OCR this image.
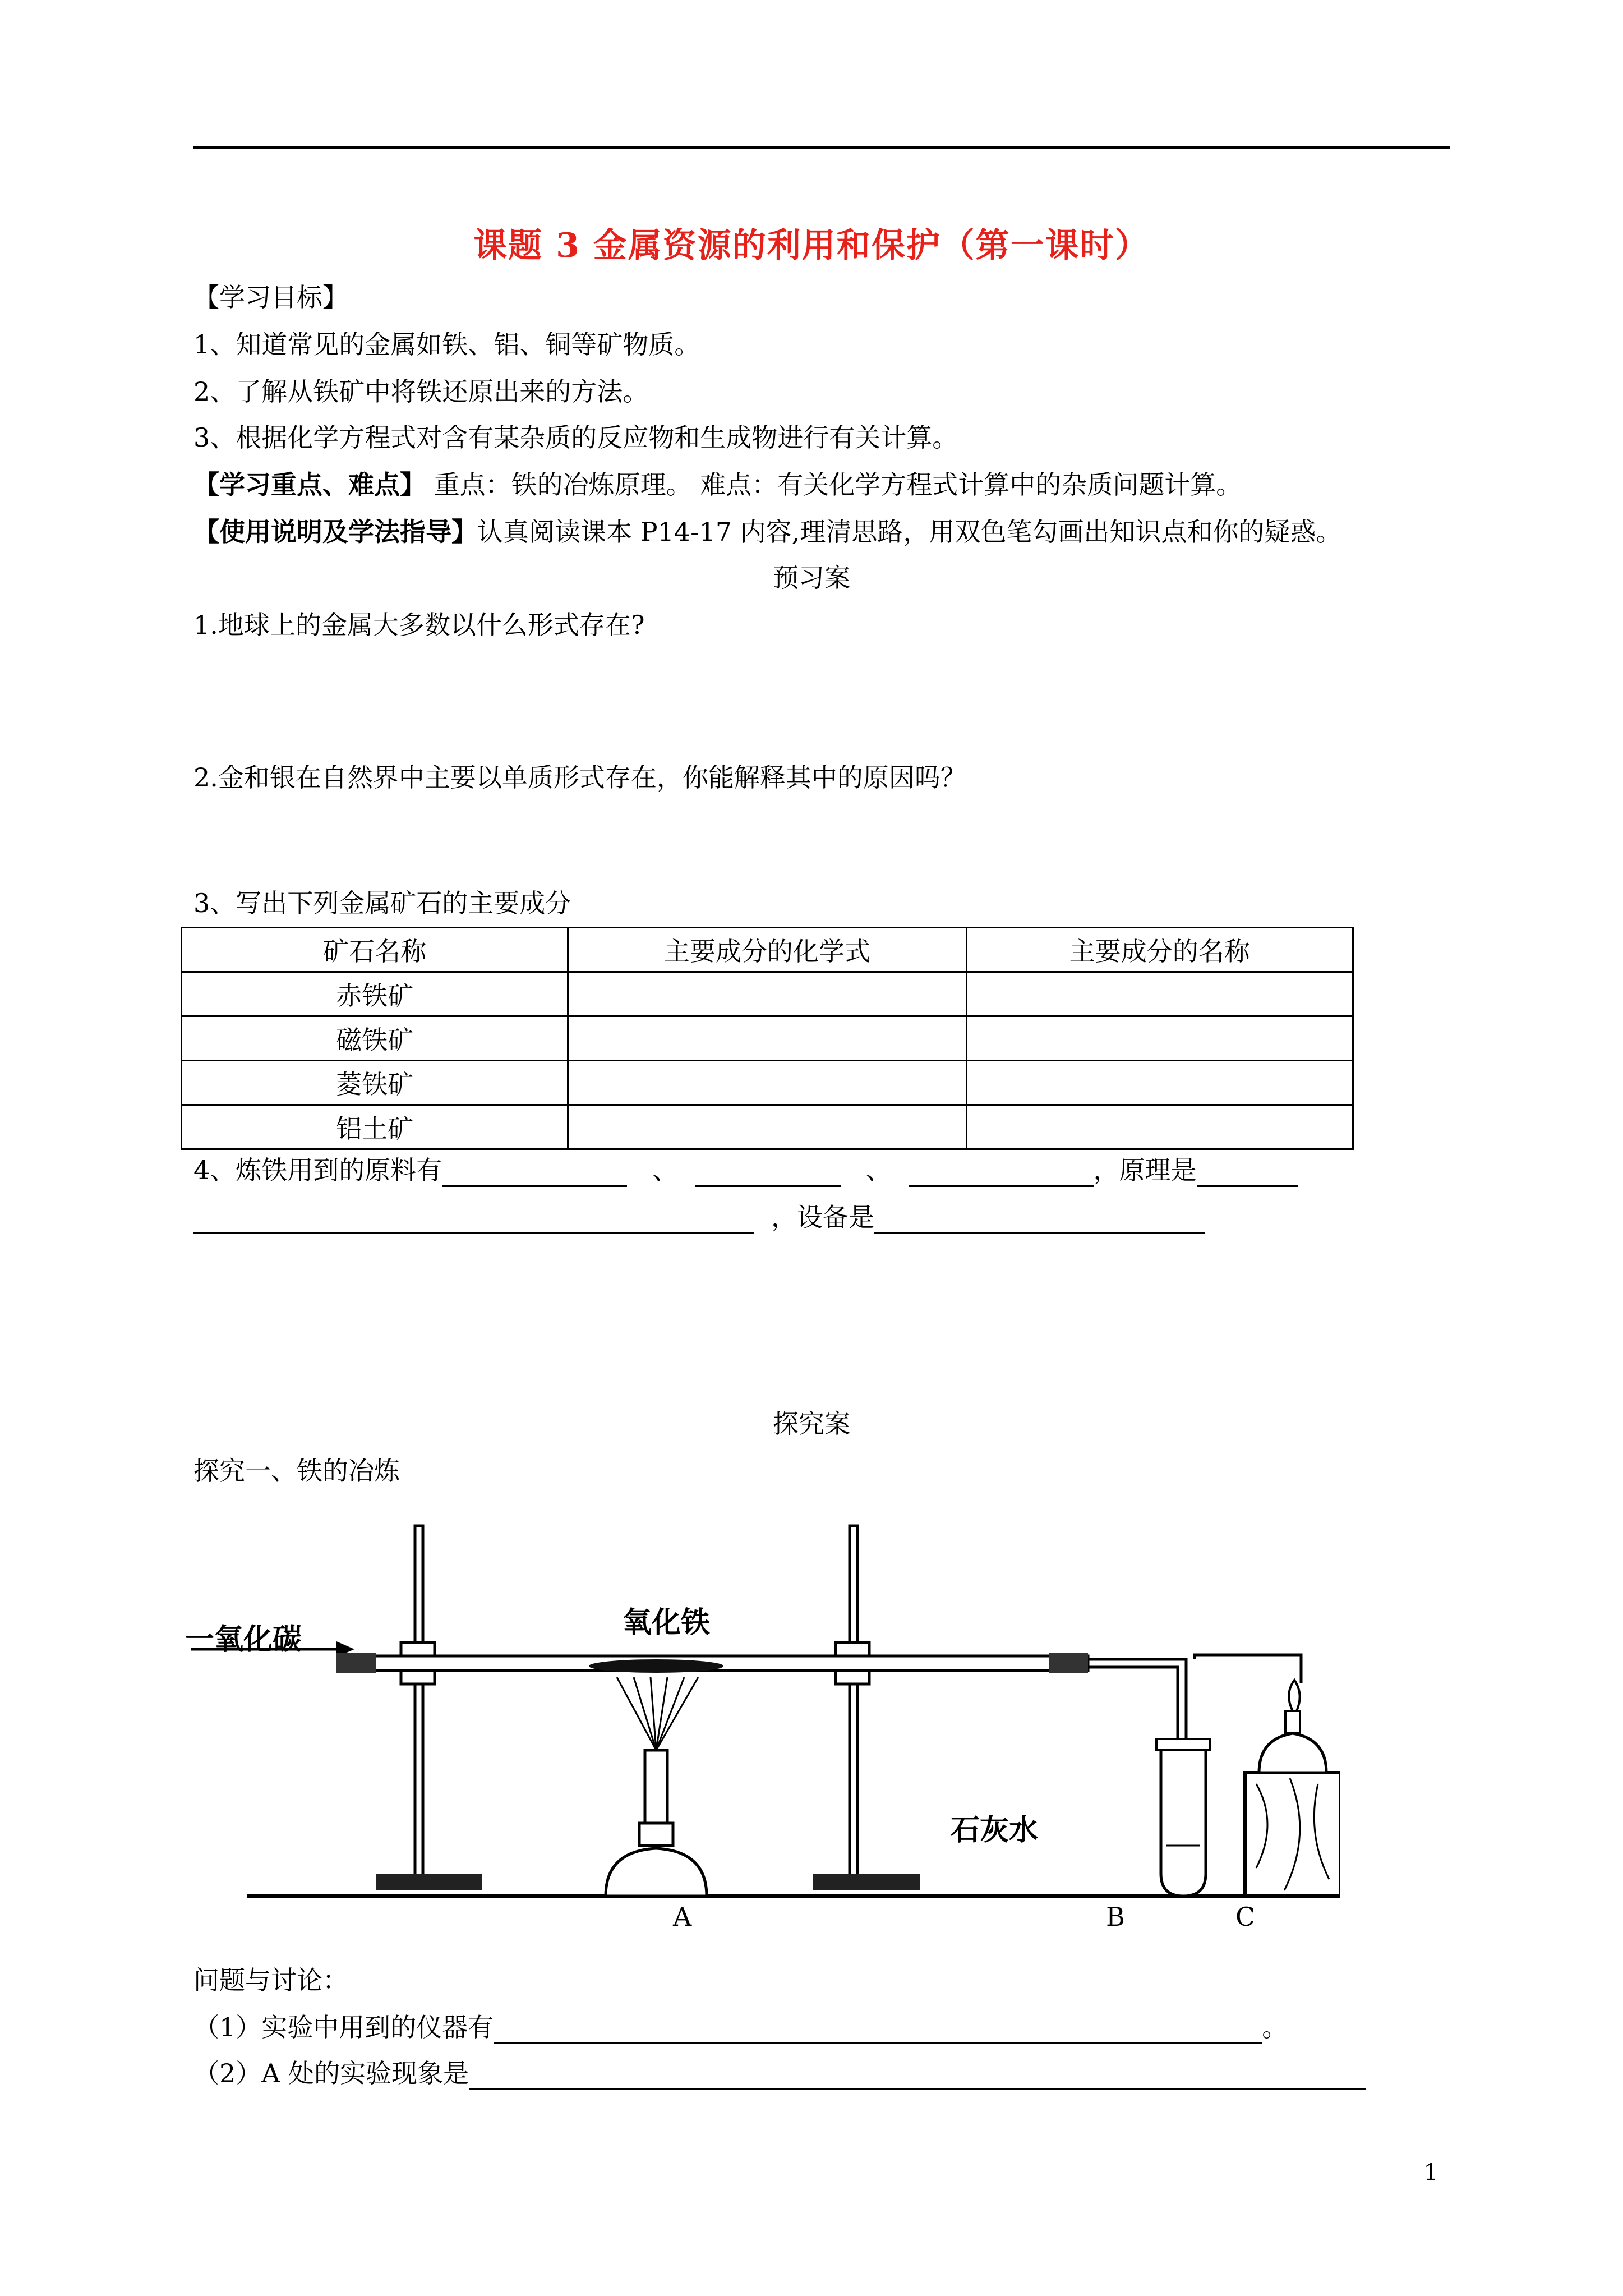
课题 3 金属资源的利用和保护（第一课时）
【学习目标】
1、知道常见的金属如铁、铝、铜等矿物质。
2、了解从铁矿中将铁还原出来的方法。
3、根据化学方程式对含有某杂质的反应物和生成物进行有关计算。
【学习重点、难点】 重点：铁的冶炼原理。 难点：有关化学方程式计算中的杂质问题计算。
【使用说明及学法指导】认真阅读课本 P14-17 内容,理清思路，用双色笔勾画出知识点和你的疑惑。
预习案
1.地球上的金属大多数以什么形式存在?
2.金和银在自然界中主要以单质形式存在，你能解释其中的原因吗？
3、写出下列金属矿石的主要成分
矿石名称	主要成分的化学式	主要成分的名称
赤铁矿		
磁铁矿		
菱铁矿		
铝土矿		
4、炼铁用到的原料有	、	、	，原理是
，设备是
探究案
探究一、铁的冶炼
一氧化碳	氧化铁
石灰水
A	B	C
问题与讨论：
（1）实验中用到的仪器有	。
（2）A 处的实验现象是
1
